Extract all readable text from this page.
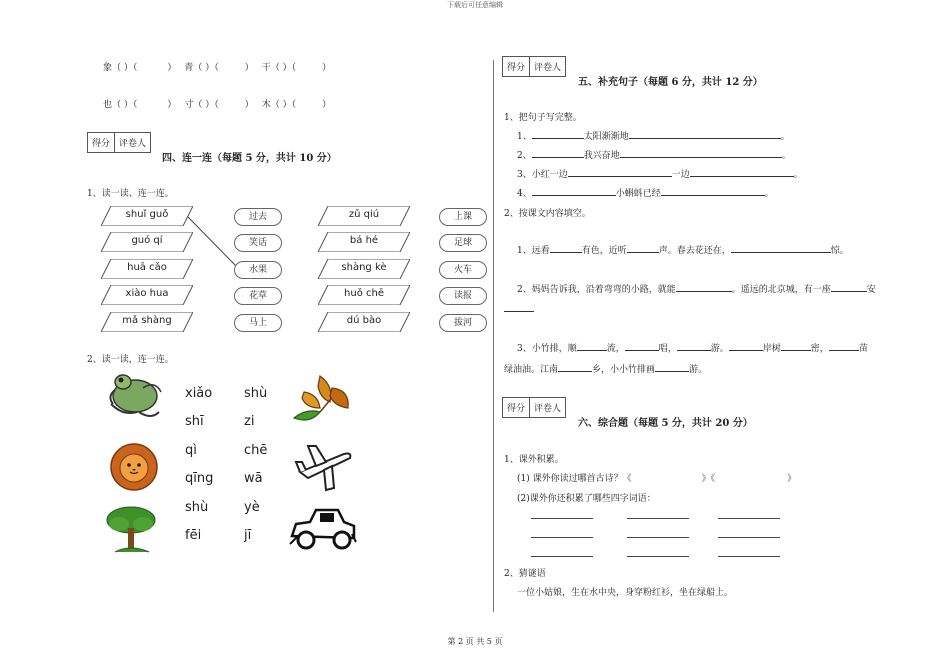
下载后可任意编辑
象（ ）（	） 青（ ）（	） 干（ ）（	）
也（ ）（	） 寸（ ）（	） 木（ ）（	）
得分	评卷人
四、连一连（每题 5 分，共计 10 分）
1、读一读、连一连。
2、读一读，连一连。
xiǎo shù
shī	zi
qì	chē
qīng wā
shù	yè
fēi	jī
得分	评卷人
五、补充句子（每题 6 分，共计 12 分）
1、把句子写完整。
1、	太阳渐渐地	。
2、	我兴奋地	。
3、小红一边	一边	。
4、	小蝌蚪已经	。
2、按课文内容填空。
1、远看	有色，近听	声。春去花还在，	惊。
2、妈妈告诉我，沿着弯弯的小路，就能	。遥远的北京城，有一座	安
3、小竹排，顺	流，	唱，	游。	岸树	密，	苗
绿油油。江南	乡，小小竹排画	游。
得分	评卷人
六、综合题（每题 5 分，共计 20 分）
1、课外积累。
(1) 课外你读过哪首古诗？《	》《	》
(2)课外你还积累了哪些四字词语：
2、猜谜语
一位小姑娘，生在水中央，身穿粉红衫，坐在绿船上。
第 2 页 共 5 页
shuǐ guǒ	过去	zǔ qiú	上课
guó qí	笑话	bá hé	足球
huā cǎo	水果	shàng kè	火车
xiào hua	花草	huǒ chē	读报
mǎ shàng	马上	dú bào	拔河
